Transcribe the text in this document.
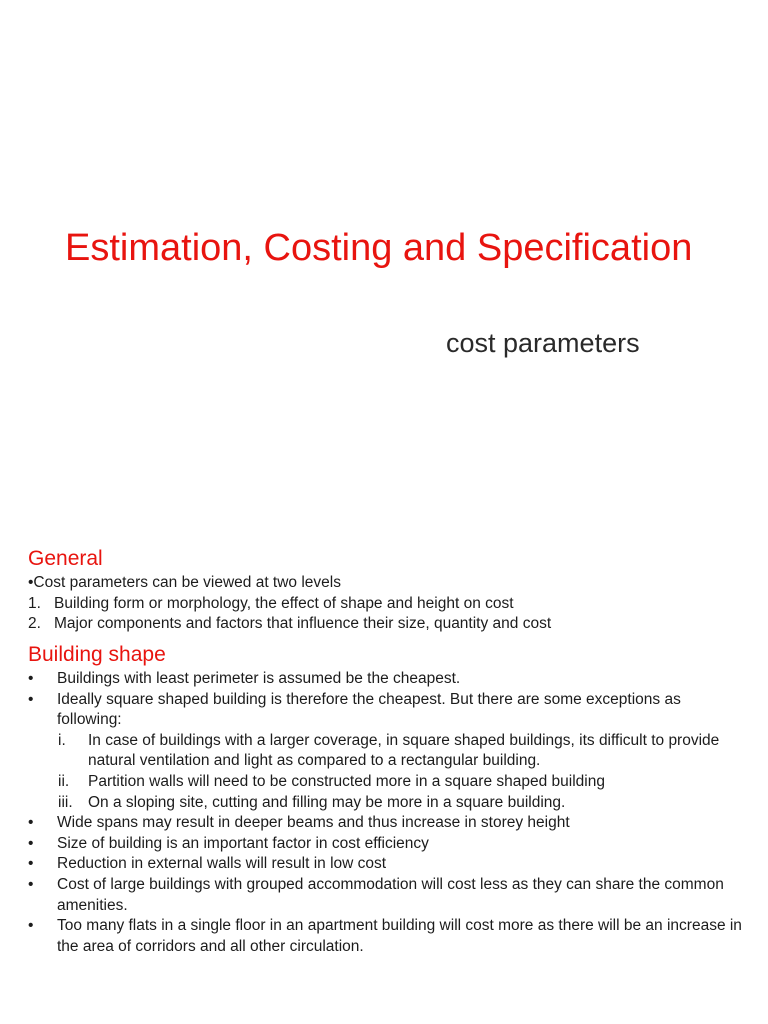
Estimation, Costing and Specification

cost parameters

General
•Cost parameters can be viewed at two levels
1. Building form or morphology, the effect of shape and height on cost
2. Major components and factors that influence their size, quantity and cost
Building shape
•	Buildings with least perimeter is assumed be the cheapest.
•	Ideally square shaped building is therefore the cheapest. But there are some exceptions as following:
i.	In case of buildings with a larger coverage, in square shaped buildings, its difficult to provide natural ventilation and light as compared to a rectangular building.
ii.	Partition walls will need to be constructed more in a square shaped building
iii. On a sloping site, cutting and filling may be more in a square building.
•	Wide spans may result in deeper beams and thus increase in storey height
•	Size of building is an important factor in cost efficiency
•	Reduction in external walls will result in low cost
•	Cost of large buildings with grouped accommodation will cost less as they can share the common amenities.
•	Too many flats in a single floor in an apartment building will cost more as there will be an increase in the area of corridors and all other circulation.
